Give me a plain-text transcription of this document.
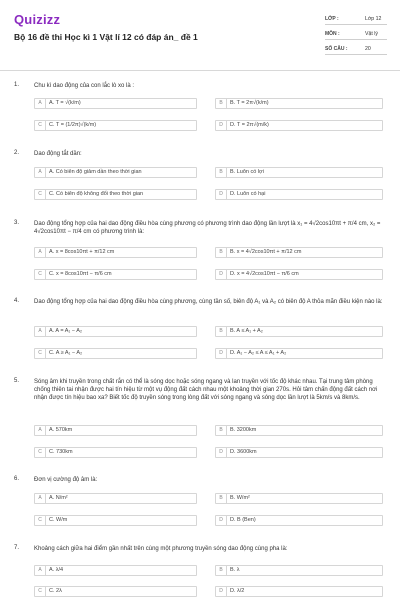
Quizizz
Bộ 16 đề thi Học kì 1 Vật lí 12 có đáp án_ đề 1
LỚP :	Lớp 12
MÔN :	Vật lý
SỐ CÂU :	20
1. Chu kì dao động của con lắc lò xo là :
A	A. T = √(k/m)	B	B. T = 2π√(k/m)
C	C. T = (1/2π)√(k/m)	D	D. T = 2π√(m/k)
2. Dao động tắt dần:
A	A. Có biên độ giảm dần theo thời gian	B	B. Luôn có lợi
C	C. Có biên độ không đổi theo thời gian	D	D. Luôn có hại
3. Dao động tổng hợp của hai dao động điều hòa cùng phương có phương trình dao động lần lượt là x₁ = 4√2cos10πt + π/4 cm, x₂ = 4√2cos10πt − π/4 cm có phương trình là:
A	A. x = 8cos10πt + π/12 cm	B	B. x = 4√2cos10πt + π/12 cm
C	C. x = 8cos10πt − π/6 cm	D	D. x = 4√2cos10πt − π/6 cm
4. Dao động tổng hợp của hai dao động điều hòa cùng phương, cùng tần số, biên độ A₁ và A₂ có biên độ A thỏa mãn điều kiện nào là:
A	A. A = A₁ − A₂	B	B. A ≤ A₁ + A₂
C	C. A ≥ A₁ − A₂	D	D. A₁ − A₂ ≤ A ≤ A₁ + A₂
5. Sóng âm khi truyền trong chất rắn có thể là sóng dọc hoặc sóng ngang và lan truyền với tốc độ khác nhau. Tại trung tâm phòng chống thiên tai nhận được hai tín hiệu từ một vụ động đất cách nhau một khoảng thời gian 270s. Hỏi tâm chấn động đất cách nơi nhận được tín hiệu bao xa? Biết tốc độ truyền sóng trong lòng đất với sóng ngang và sóng dọc lần lượt là 5km/s và 8km/s.
A	A. 570km	B	B. 3200km
C	C. 730km	D	D. 3600km
6. Đơn vị cường độ âm là:
A	A. N/m²	B	B. W/m²
C	C. W/m	D	D. B (Ben)
7. Khoảng cách giữa hai điểm gần nhất trên cùng một phương truyền sóng dao động cùng pha là:
A	A. λ/4	B	B. λ
C	C. 2λ	D	D. λ/2
